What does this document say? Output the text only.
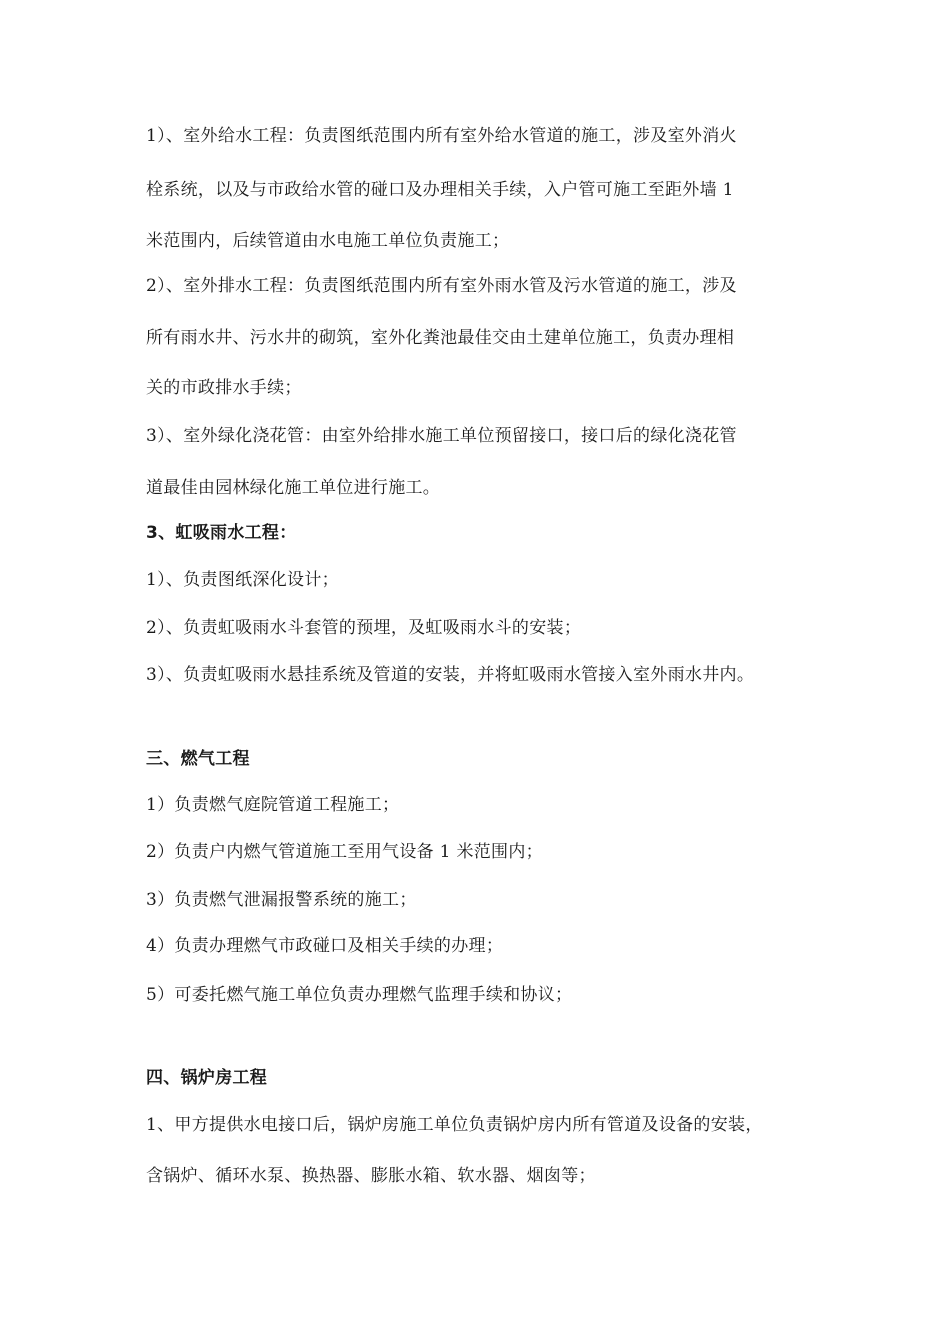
1）、室外给水工程：负责图纸范围内所有室外给水管道的施工，涉及室外消火
栓系统，以及与市政给水管的碰口及办理相关手续，入户管可施工至距外墙 1
米范围内，后续管道由水电施工单位负责施工；
2）、室外排水工程：负责图纸范围内所有室外雨水管及污水管道的施工，涉及
所有雨水井、污水井的砌筑，室外化粪池最佳交由土建单位施工，负责办理相
关的市政排水手续；
3）、室外绿化浇花管：由室外给排水施工单位预留接口，接口后的绿化浇花管
道最佳由园林绿化施工单位进行施工。
3、虹吸雨水工程：
1）、负责图纸深化设计；
2）、负责虹吸雨水斗套管的预埋，及虹吸雨水斗的安装；
3）、负责虹吸雨水悬挂系统及管道的安装，并将虹吸雨水管接入室外雨水井内。
三、燃气工程
1）负责燃气庭院管道工程施工；
2）负责户内燃气管道施工至用气设备 1 米范围内；
3）负责燃气泄漏报警系统的施工；
4）负责办理燃气市政碰口及相关手续的办理；
5）可委托燃气施工单位负责办理燃气监理手续和协议；
四、锅炉房工程
1、甲方提供水电接口后，锅炉房施工单位负责锅炉房内所有管道及设备的安装，
含锅炉、循环水泵、换热器、膨胀水箱、软水器、烟囱等；
